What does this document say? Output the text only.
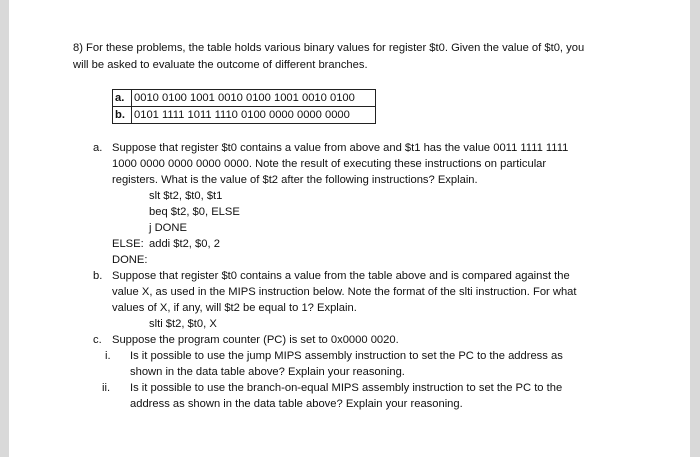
8) For these problems, the table holds various binary values for register $t0. Given the value of $t0, you
will be asked to evaluate the outcome of different branches.
a.	0010 0100 1001 0010 0100 1001 0010 0100
b.	0101 1111 1011 1110 0100 0000 0000 0000
a. Suppose that register $t0 contains a value from above and $t1 has the value 0011 1111 1111
1000 0000 0000 0000 0000. Note the result of executing these instructions on particular
registers. What is the value of $t2 after the following instructions? Explain.
slt $t2, $t0, $t1
beq $t2, $0, ELSE
j DONE
ELSE: addi $t2, $0, 2
DONE:
b. Suppose that register $t0 contains a value from the table above and is compared against the
value X, as used in the MIPS instruction below. Note the format of the slti instruction. For what
values of X, if any, will $t2 be equal to 1? Explain.
slti $t2, $t0, X
c. Suppose the program counter (PC) is set to 0x0000 0020.
i. Is it possible to use the jump MIPS assembly instruction to set the PC to the address as
shown in the data table above? Explain your reasoning.
ii. Is it possible to use the branch-on-equal MIPS assembly instruction to set the PC to the
address as shown in the data table above? Explain your reasoning.
